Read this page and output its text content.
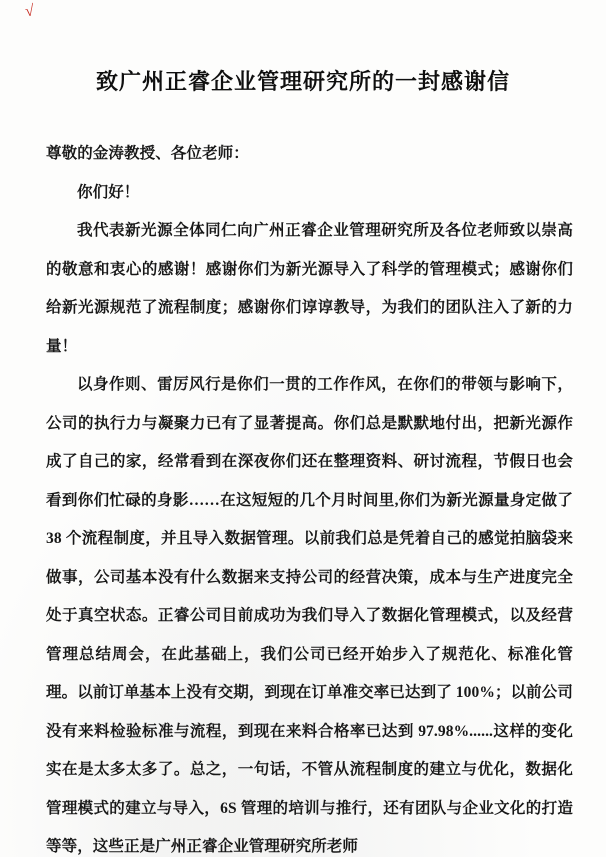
√
致广州正睿企业管理研究所的一封感谢信

尊敬的金涛教授、各位老师：

你们好！

我代表新光源全体同仁向广州正睿企业管理研究所及各位老师致以崇高的敬意和衷心的感谢！感谢你们为新光源导入了科学的管理模式；感谢你们给新光源规范了流程制度；感谢你们谆谆教导，为我们的团队注入了新的力量！

以身作则、雷厉风行是你们一贯的工作作风，在你们的带领与影响下，公司的执行力与凝聚力已有了显著提高。你们总是默默地付出，把新光源作成了自己的家，经常看到在深夜你们还在整理资料、研讨流程，节假日也会看到你们忙碌的身影……在这短短的几个月时间里,你们为新光源量身定做了 38 个流程制度，并且导入数据管理。以前我们总是凭着自己的感觉拍脑袋来做事，公司基本没有什么数据来支持公司的经营决策，成本与生产进度完全处于真空状态。正睿公司目前成功为我们导入了数据化管理模式，以及经营管理总结周会，在此基础上，我们公司已经开始步入了规范化、标准化管理。以前订单基本上没有交期，到现在订单准交率已达到了 100%；以前公司没有来料检验标准与流程，到现在来料合格率已达到 97.98%......这样的变化实在是太多太多了。总之，一句话，不管从流程制度的建立与优化，数据化管理模式的建立与导入，6S 管理的培训与推行，还有团队与企业文化的打造等等，这些正是广州正睿企业管理研究所老师
